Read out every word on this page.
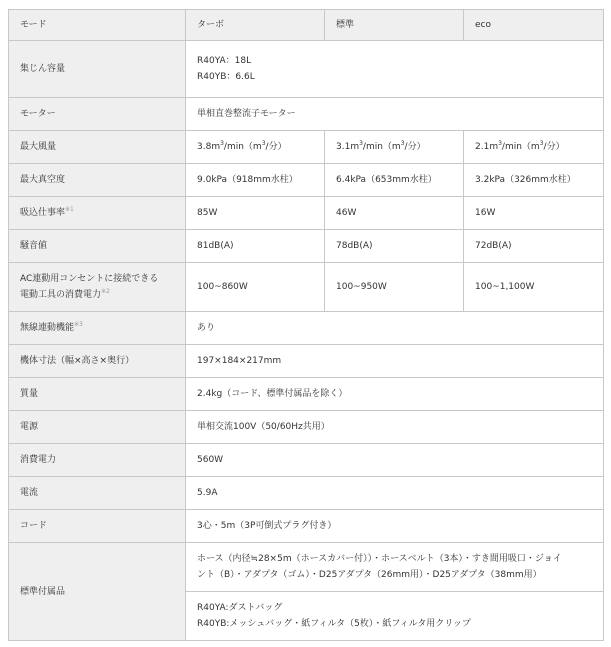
モード	ターボ	標準	eco
集じん容量	R40YA：18L
R40YB：6.6L		

モーター	単相直巻整流子モーター		
最大風量	$3.8m^3/\min(m^3/$分）	$3.1m^3/\min(m^3/$分）	$2.1m^3/\min(m^3/$分）
最大真空度	9.0kPa（918mm水柱）	6.4kPa（653mm水柱）	3.2kPa（326mm水柱）
吸込仕事率$^{※1}$	85W	46W	16W
騒音値	81dB(A)	78dB(A)	72dB(A)

AC連動用コンセントに接続できる
電動工具の消費電力$^{※2}$	100~860W	100~950W	100~1,100W
無線連動機能$^{※3}$	あり		
機体寸法（幅×高さ×奥行）	197×184×217mm		
質量	2.4kg（コード、標準付属品を除く）		
電源	単相交流100V（50/60Hz共用）		
消費電力	560W		
電流	5.9A		
コード	3心・5m（3P可倒式プラグ付き）		
標準付属品	ホース（内径≒28×5m（ホースカバー付））・ホースベルト（3本）・すき間用吸口・ジョイ
ント（B）・アダプタ（ゴム）・D25アダプタ（26mm用）・D25アダプタ（38mm用）		

	R40YA:ダストバッグ
R40YB:メッシュバッグ・紙フィルタ（5枚）・紙フィルタ用クリップ		
